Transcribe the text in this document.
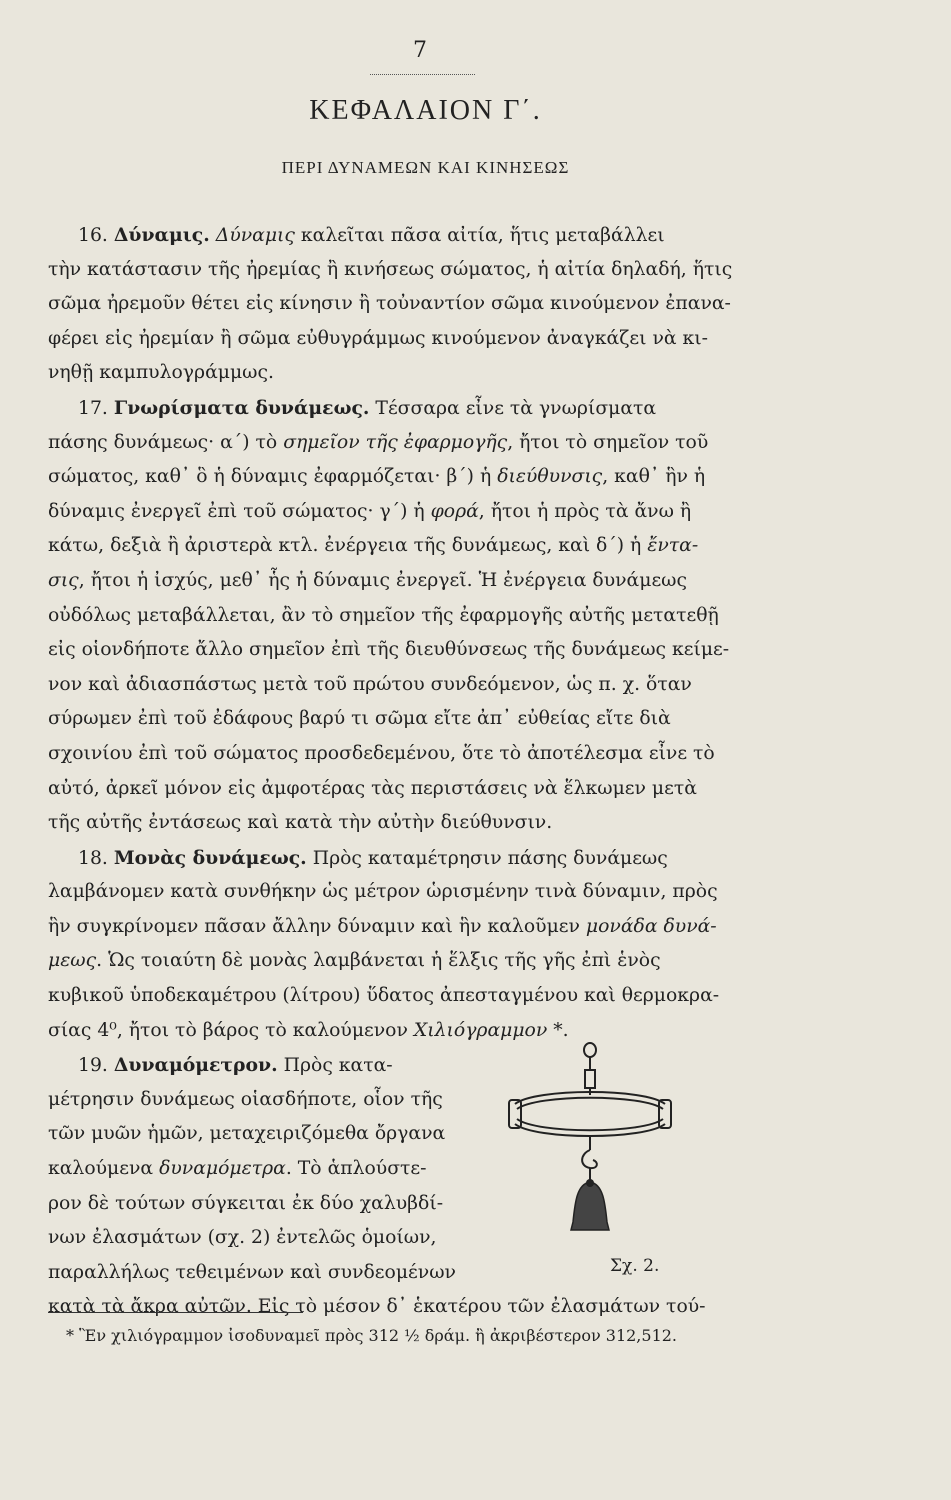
7
ΚΕΦΑΛΑΙΟΝ Γ΄.
ΠΕΡΙ ΔΥΝΑΜΕΩΝ ΚΑΙ ΚΙΝΗΣΕΩΣ
16. Δύναμις. Δύναμις καλεῖται πᾶσα αἰτία, ἥτις μεταβάλλει
τὴν κατάστασιν τῆς ἠρεμίας ἢ κινήσεως σώματος, ἡ αἰτία δηλαδή, ἥτις
σῶμα ἠρεμοῦν θέτει εἰς κίνησιν ἢ τοὐναντίον σῶμα κινούμενον ἐπανα-
φέρει εἰς ἠρεμίαν ἢ σῶμα εὐθυγράμμως κινούμενον ἀναγκάζει νὰ κι-
νηθῇ καμπυλογράμμως.
17. Γνωρίσματα δυνάμεως. Τέσσαρα εἶνε τὰ γνωρίσματα
πάσης δυνάμεως· α΄) τὸ σημεῖον τῆς ἐφαρμογῆς, ἤτοι τὸ σημεῖον τοῦ
σώματος, καθ᾽ ὃ ἡ δύναμις ἐφαρμόζεται· β΄) ἡ διεύθυνσις, καθ᾽ ἣν ἡ
δύναμις ἐνεργεῖ ἐπὶ τοῦ σώματος· γ΄) ἡ φορά, ἤτοι ἡ πρὸς τὰ ἄνω ἢ
κάτω, δεξιὰ ἢ ἀριστερὰ κτλ. ἐνέργεια τῆς δυνάμεως, καὶ δ΄) ἡ ἔντα-
σις, ἤτοι ἡ ἰσχύς, μεθ᾽ ἧς ἡ δύναμις ἐνεργεῖ. Ἡ ἐνέργεια δυνάμεως
οὐδόλως μεταβάλλεται, ἂν τὸ σημεῖον τῆς ἐφαρμογῆς αὐτῆς μετατεθῇ
εἰς οἱονδήποτε ἄλλο σημεῖον ἐπὶ τῆς διευθύνσεως τῆς δυνάμεως κείμε-
νον καὶ ἀδιασπάστως μετὰ τοῦ πρώτου συνδεόμενον, ὡς π. χ. ὅταν
σύρωμεν ἐπὶ τοῦ ἐδάφους βαρύ τι σῶμα εἴτε ἀπ᾽ εὐθείας εἴτε διὰ
σχοινίου ἐπὶ τοῦ σώματος προσδεδεμένου, ὅτε τὸ ἀποτέλεσμα εἶνε τὸ
αὐτό, ἀρκεῖ μόνον εἰς ἀμφοτέρας τὰς περιστάσεις νὰ ἕλκωμεν μετὰ
τῆς αὐτῆς ἐντάσεως καὶ κατὰ τὴν αὐτὴν διεύθυνσιν.
18. Μονὰς δυνάμεως. Πρὸς καταμέτρησιν πάσης δυνάμεως
λαμβάνομεν κατὰ συνθήκην ὡς μέτρον ὡρισμένην τινὰ δύναμιν, πρὸς
ἣν συγκρίνομεν πᾶσαν ἄλλην δύναμιν καὶ ἣν καλοῦμεν μονάδα δυνά-
μεως. Ὡς τοιαύτη δὲ μονὰς λαμβάνεται ἡ ἕλξις τῆς γῆς ἐπὶ ἑνὸς
κυβικοῦ ὑποδεκαμέτρου (λίτρου) ὕδατος ἀπεσταγμένου καὶ θερμοκρα-
σίας 4⁰, ἤτοι τὸ βάρος τὸ καλούμενον Χιλιόγραμμον *.
19. Δυναμόμετρον. Πρὸς κατα-
μέτρησιν δυνάμεως οἱασδήποτε, οἷον τῆς
τῶν μυῶν ἡμῶν, μεταχειριζόμεθα ὄργανα
καλούμενα δυναμόμετρα. Τὸ ἁπλούστε-
ρον δὲ τούτων σύγκειται ἐκ δύο χαλυβδί-
νων ἐλασμάτων (σχ. 2) ἐντελῶς ὁμοίων,
παραλλήλως τεθειμένων καὶ συνδεομένων
κατὰ τὰ ἄκρα αὐτῶν. Εἰς τὸ μέσον δ᾽ ἑκατέρου τῶν ἐλασμάτων τού-
Σχ. 2.
* Ἓν χιλιόγραμμον ἰσοδυναμεῖ πρὸς 312 ½ δράμ. ἢ ἀκριβέστερον 312,512.
